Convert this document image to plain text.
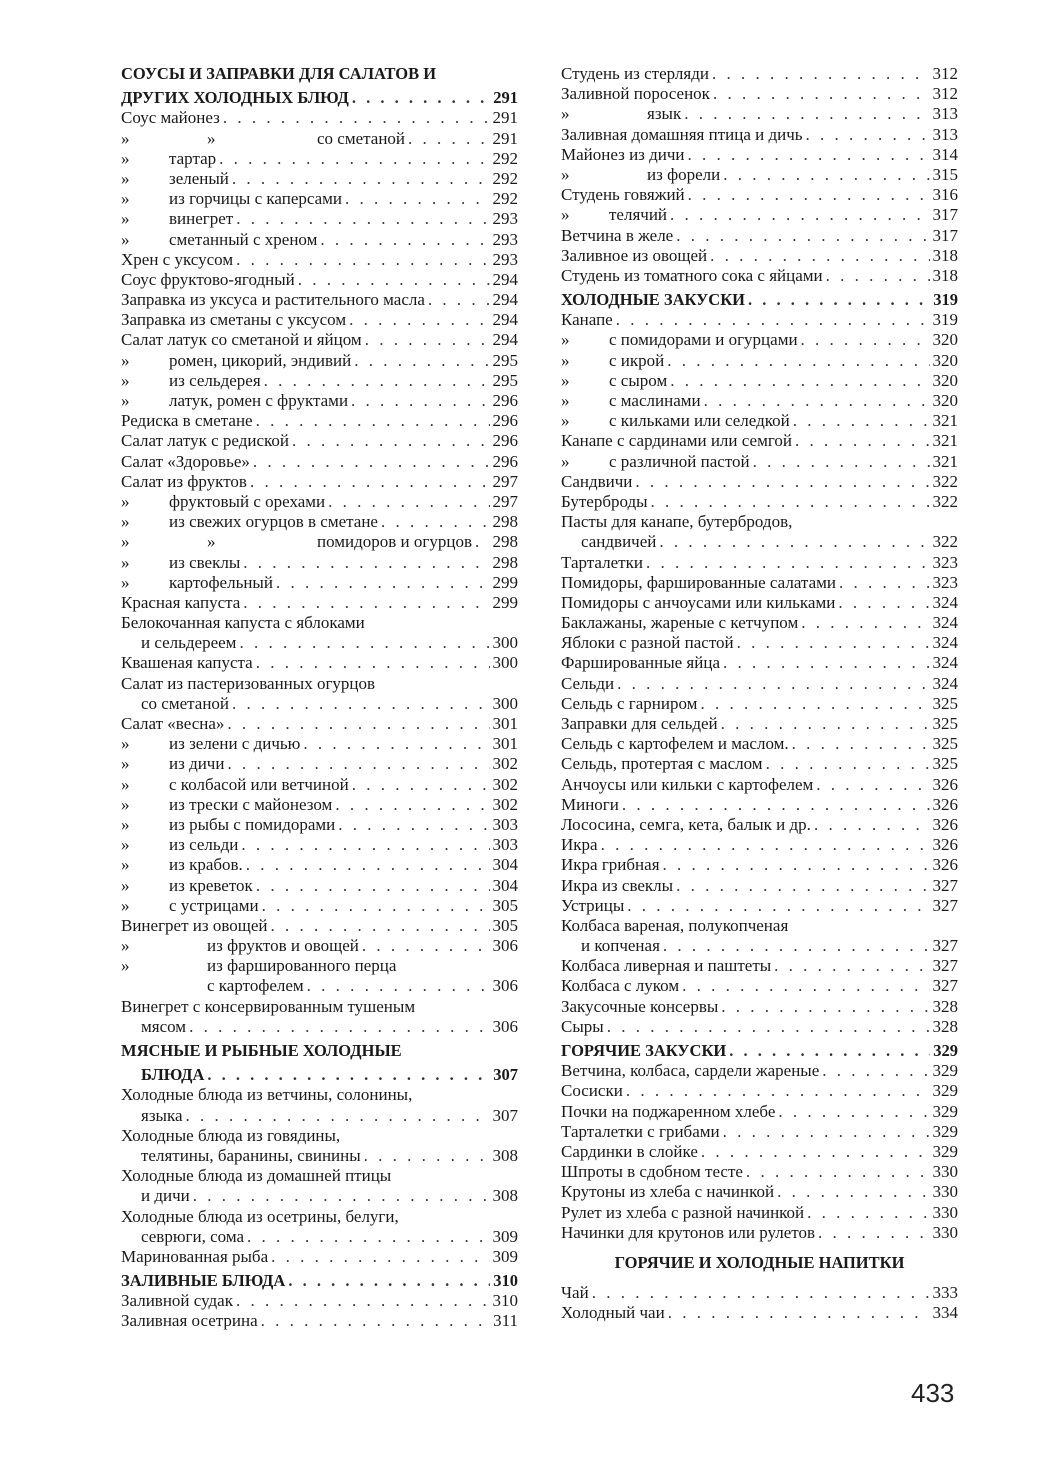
СОУСЫ И ЗАПРАВКИ ДЛЯ САЛАТОВ И
ДРУГИХ ХОЛОДНЫХ БЛЮД . . .	291
Соус майонез . . .	291
»	»	со сметаной . . .	291
» тартар . . .	292
» зеленый . . .	292
» из горчицы с каперсами . . .	292
» винегрет . . .	293
» сметанный с хреном . . .	293
Хрен с уксусом . . .	293
Соус фруктово-ягодный . . .	294
Заправка из уксуса и растительного масла . . .	294
Заправка из сметаны с уксусом . . .	294
Салат латук со сметаной и яйцом . . .	294
» ромен, цикорий, эндивий . . .	295
» из сельдерея . . .	295
» латук, ромен с фруктами . . .	296
Редиска в сметане . . .	296
Салат латук с редиской . . .	296
Салат «Здоровье» . . .	296
Салат из фруктов . . .	297
» фруктовый с орехами . . .	297
» из свежих огурцов в сметане . . .	298
»	»	помидоров и огурцов . . . 298
» из свеклы . . .	298
» картофельный . . .	299
Красная капуста . . .	299
Белокочанная капуста с яблоками
и сельдереем . . .	300
Квашеная капуста . . .	300
Салат из пастеризованных огурцов
со сметаной . . .	300
Салат «весна» . . .	301
» из зелени с дичью . . .	301
» из дичи . . .	302
» с колбасой или ветчиной . . .	302
» из трески с майонезом . . .	302
» из рыбы с помидорами . . .	303
» из сельди . . .	303
» из крабов. . . .	304
» из креветок . . .	304
» с устрицами . . .	305
Винегрет из овощей . . .	305
»	из фруктов и овощей . . .	306
»	из фаршированного перца
с картофелем . . .	306
Винегрет с консервированным тушеным
мясом . . .	306
МЯСНЫЕ И РЫБНЫЕ ХОЛОДНЫЕ
БЛЮДА . . .	307
Холодные блюда из ветчины, солонины,
языка . . .	307
Холодные блюда из говядины,
телятины, баранины, свинины . . .	308
Холодные блюда из домашней птицы
и дичи . . .	308
Холодные блюда из осетрины, белуги,
севрюги, сома . . .	309
Маринованная рыба . . .	309
ЗАЛИВНЫЕ БЛЮДА . . .	310
Заливной судак . . .	310
Заливная осетрина . . .	311
Студень из стерляди . . .	312
Заливной поросенок . . .	312
»	язык . . .	313
Заливная домашняя птица и дичь . . .	313
Майонез из дичи . . .	314
»	из форели . . .	315
Студень говяжий . . .	316
» телячий . . .	317
Ветчина в желе . . .	317
Заливное из овощей . . .	318
Студень из томатного сока с яйцами . . .	318
ХОЛОДНЫЕ ЗАКУСКИ . . .	319
Канапе . . .	319
» с помидорами и огурцами . . .	320
» с икрой . . .	320
» с сыром . . .	320
» с маслинами . . .	320
» с кильками или селедкой . . .	321
Канапе с сардинами или семгой . . .	321
» с различной пастой . . .	321
Сандвичи . . .	322
Бутерброды . . .	322
Пасты для канапе, бутербродов,
сандвичей . . .	322
Тарталетки . . .	323
Помидоры, фаршированные салатами . . .	323
Помидоры с анчоусами или кильками . . .	324
Баклажаны, жареные с кетчупом . . .	324
Яблоки с разной пастой . . .	324
Фаршированные яйца . . .	324
Сельди . . .	324
Сельдь с гарниром . . .	325
Заправки для сельдей . . .	325
Сельдь с картофелем и маслом. . . .	325
Сельдь, протертая с маслом . . .	325
Анчоусы или кильки с картофелем . . .	326
Миноги . . .	326
Лососина, семга, кета, балык и др. . . .	326
Икра . . .	326
Икра грибная . . .	326
Икра из свеклы . . .	327
Устрицы . . .	327
Колбаса вареная, полукопченая
и копченая . . .	327
Колбаса ливерная и паштеты . . .	327
Колбаса с луком . . .	327
Закусочные консервы . . .	328
Сыры . . .	328
ГОРЯЧИЕ ЗАКУСКИ . . .	329
Ветчина, колбаса, сардели жареные . . .	329
Сосиски . . .	329
Почки на поджаренном хлебе . . .	329
Тарталетки с грибами . . .	329
Сардинки в слойке . . .	329
Шпроты в сдобном тесте . . .	330
Крутоны из хлеба с начинкой . . .	330
Рулет из хлеба с разной начинкой . . .	330
Начинки для крутонов или рулетов . . .	330
ГОРЯЧИЕ И ХОЛОДНЫЕ НАПИТКИ
Чай . . .	333
Холодный чаи . . .	334
433
